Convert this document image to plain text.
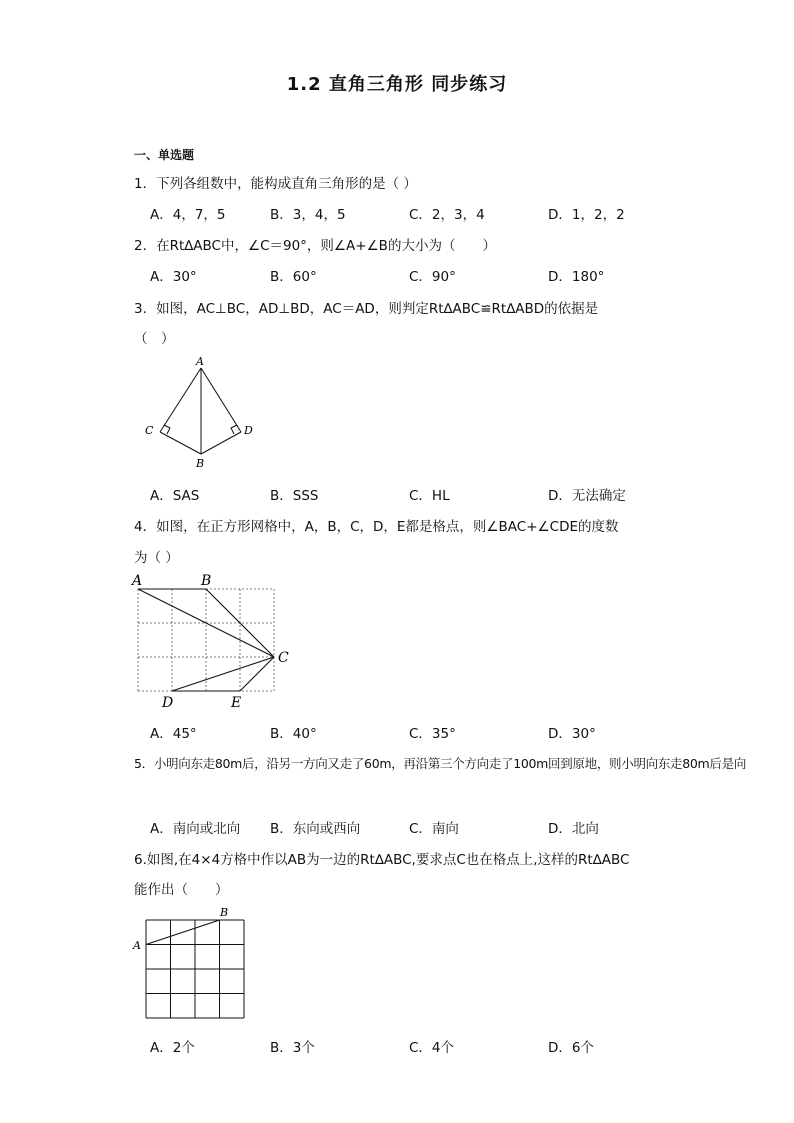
1.2 直角三角形 同步练习
一、单选题
1．下列各组数中，能构成直角三角形的是（ ）
A．4，7，5	B．3，4，5	C．2，3，4	D．1，2，2
2．在Rt∆ABC中，∠C＝90°，则∠A+∠B的大小为（　　）
A．30°	B．60°	C．90°	D．180°
3．如图，AC⊥BC，AD⊥BD，AC＝AD，则判定Rt∆ABC≌Rt∆ABD的依据是
（　）
A
C	D
B
A．SAS	B．SSS	C．HL	D．无法确定
4．如图，在正方形网格中，A，B，C，D，E都是格点，则∠BAC+∠CDE的度数
为（ ）
A	B
C
D	E
A．45°	B．40°	C．35°	D．30°
5．小明向东走80m后，沿另一方向又走了60m，再沿第三个方向走了100m回到原地，则小明向东走80m后是向
A．南向或北向 B．东向或西向	C．南向	D．北向
6.如图,在4×4方格中作以AB为一边的Rt∆ABC,要求点C也在格点上,这样的Rt∆ABC
能作出（　　）
A
B
A．2个	B．3个	C．4个	D．6个
